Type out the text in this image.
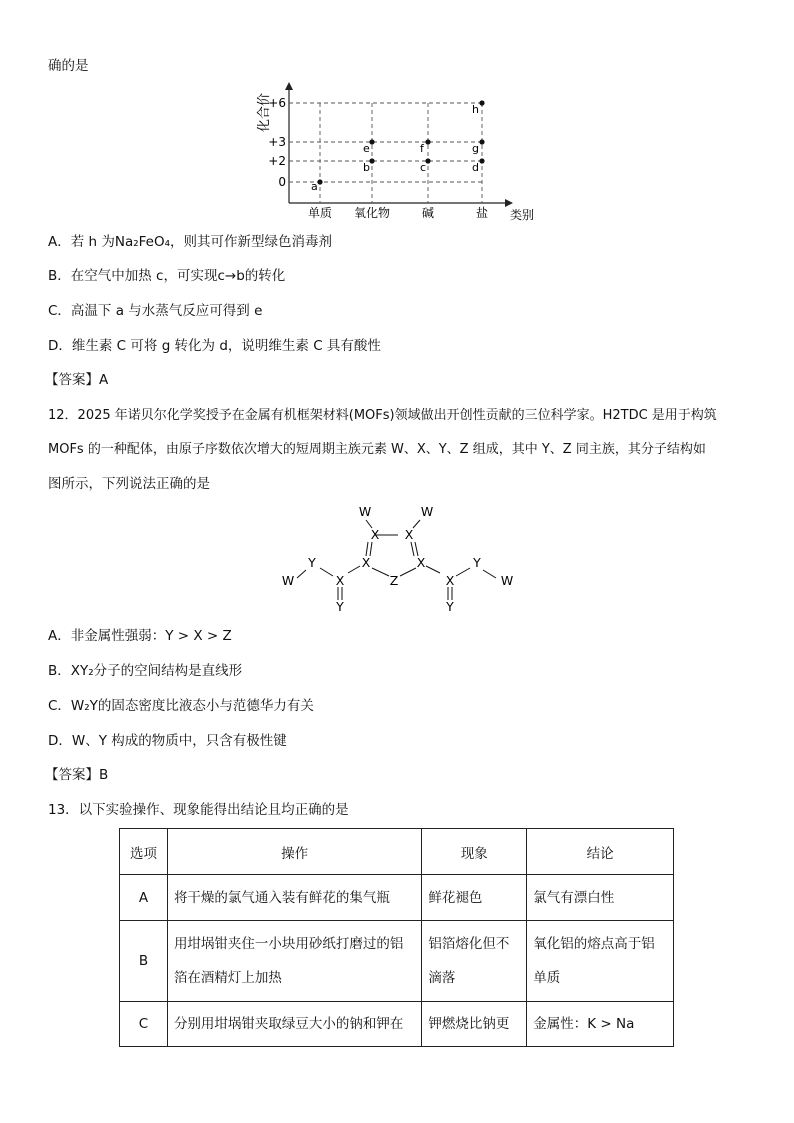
确的是
化合价
+6
+3
+2
0
单质 氧化物	碱	盐 类别
a
b	c	d
e	f	g
h
W	W
X X
X	X
Z
W
Y
X
Y
X
Y
W
Y
A．若 h 为Na₂FeO₄，则其可作新型绿色消毒剂
B．在空气中加热 c，可实现c→b的转化
C．高温下 a 与水蒸气反应可得到 e
D．维生素 C 可将 g 转化为 d，说明维生素 C 具有酸性
【答案】A
12．2025 年诺贝尔化学奖授予在金属有机框架材料(MOFs)领域做出开创性贡献的三位科学家。H2TDC 是用于构筑
MOFs 的一种配体，由原子序数依次增大的短周期主族元素 W、X、Y、Z 组成，其中 Y、Z 同主族，其分子结构如
图所示，下列说法正确的是
A．非金属性强弱：Y > X > Z
B．XY₂分子的空间结构是直线形
C．W₂Y的固态密度比液态小与范德华力有关
D．W、Y 构成的物质中，只含有极性键
【答案】B
13．以下实验操作、现象能得出结论且均正确的是
选项	操作	现象	结论
A	将干燥的氯气通入装有鲜花的集气瓶	鲜花褪色	氯气有漂白性
B	用坩埚钳夹住一小块用砂纸打磨过的铝箔在酒精灯上加热	铝箔熔化但不滴落	氧化铝的熔点高于铝单质
C	分别用坩埚钳夹取绿豆大小的钠和钾在	钾燃烧比钠更	金属性：K > Na
